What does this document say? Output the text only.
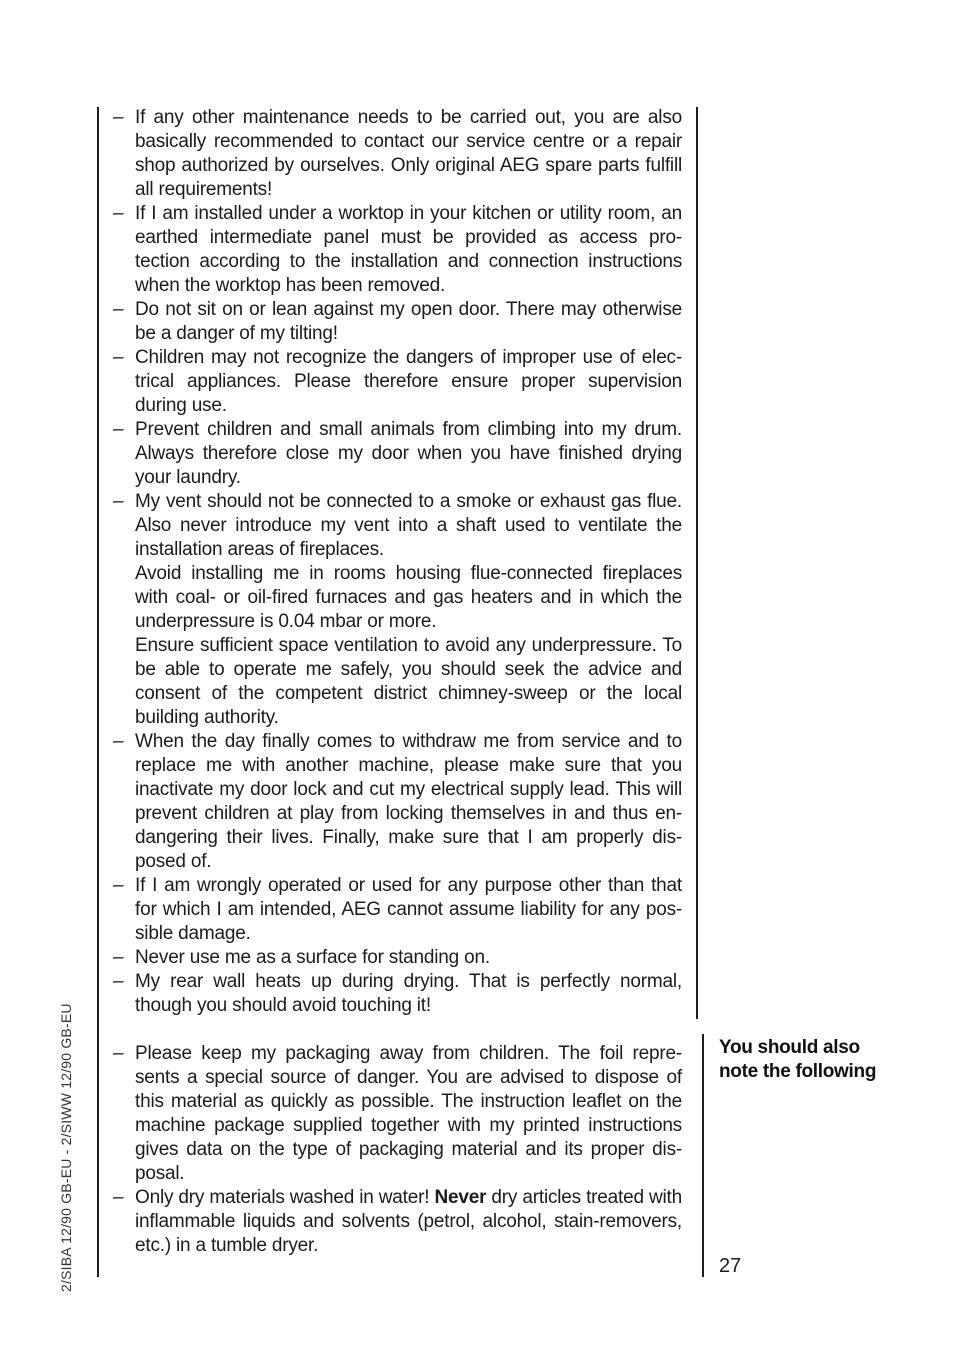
2/SIBA 12/90 GB-EU - 2/SIWW 12/90 GB-EU
– If any other maintenance needs to be carried out, you are also basically recommended to contact our service centre or a repair shop authorized by ourselves. Only original AEG spare parts fulfill all requirements!

– If I am installed under a worktop in your kitchen or utility room, an earthed intermediate panel must be provided as access pro-tection according to the installation and connection instructions when the worktop has been removed.

– Do not sit on or lean against my open door. There may otherwise be a danger of my tilting!

– Children may not recognize the dangers of improper use of elec-trical appliances. Please therefore ensure proper supervision during use.

– Prevent children and small animals from climbing into my drum. Always therefore close my door when you have finished drying your laundry.

– My vent should not be connected to a smoke or exhaust gas flue. Also never introduce my vent into a shaft used to ventilate the installation areas of fireplaces.

Avoid installing me in rooms housing flue-connected fireplaces with coal- or oil-fired furnaces and gas heaters and in which the underpressure is 0.04 mbar or more.

Ensure sufficient space ventilation to avoid any underpressure. To be able to operate me safely, you should seek the advice and consent of the competent district chimney-sweep or the local building authority.

– When the day finally comes to withdraw me from service and to replace me with another machine, please make sure that you inactivate my door lock and cut my electrical supply lead. This will prevent children at play from locking themselves in and thus en-dangering their lives. Finally, make sure that I am properly dis-posed of.

– If I am wrongly operated or used for any purpose other than that for which I am intended, AEG cannot assume liability for any pos-sible damage.

– Never use me as a surface for standing on.

– My rear wall heats up during drying. That is perfectly normal, though you should avoid touching it!

– Please keep my packaging away from children. The foil repre-sents a special source of danger. You are advised to dispose of this material as quickly as possible. The instruction leaflet on the machine package supplied together with my printed instructions gives data on the type of packaging material and its proper dis-posal.

– Only dry materials washed in water! Never dry articles treated with inflammable liquids and solvents (petrol, alcohol, stain-removers, etc.) in a tumble dryer.

You should also note the following
27
